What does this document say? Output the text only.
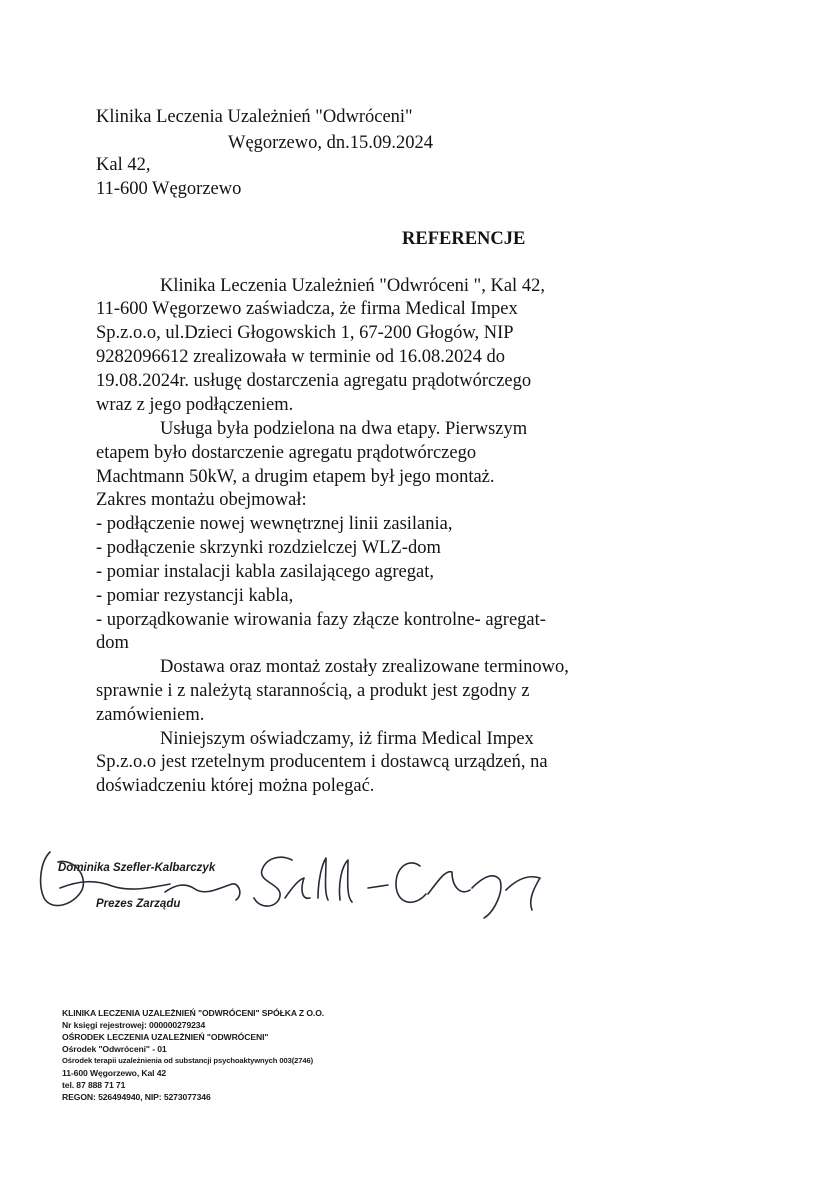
Klinika Leczenia Uzależnień "Odwróceni"
Węgorzewo, dn.15.09.2024
Kal 42,
11-600 Węgorzewo
REFERENCJE
Klinika Leczenia Uzależnień "Odwróceni ", Kal 42,
11-600 Węgorzewo zaświadcza, że firma Medical Impex
Sp.z.o.o, ul.Dzieci Głogowskich 1, 67-200 Głogów, NIP
9282096612 zrealizowała w terminie od 16.08.2024 do
19.08.2024r. usługę dostarczenia agregatu prądotwórczego
wraz z jego podłączeniem.
Usługa była podzielona na dwa etapy. Pierwszym
etapem było dostarczenie agregatu prądotwórczego
Machtmann 50kW, a drugim etapem był jego montaż.
Zakres montażu obejmował:
- podłączenie nowej wewnętrznej linii zasilania,
- podłączenie skrzynki rozdzielczej WLZ-dom
- pomiar instalacji kabla zasilającego agregat,
- pomiar rezystancji kabla,
- uporządkowanie wirowania fazy złącze kontrolne- agregat-
dom
Dostawa oraz montaż zostały zrealizowane terminowo,
sprawnie i z należytą starannością, a produkt jest zgodny z
zamówieniem.
Niniejszym oświadczamy, iż firma Medical Impex
Sp.z.o.o jest rzetelnym producentem i dostawcą urządzeń, na
doświadczeniu której można polegać.
Dominika Szefler-Kalbarczyk
Prezes Zarządu
KLINIKA LECZENIA UZALEŻNIEŃ "ODWRÓCENI" SPÓŁKA Z O.O.
Nr księgi rejestrowej: 000000279234
OŚRODEK LECZENIA UZALEŻNIEŃ "ODWRÓCENI"
Ośrodek "Odwróceni" - 01
Ośrodek terapii uzależnienia od substancji psychoaktywnych 003(2746)
11-600 Węgorzewo, Kal 42
tel. 87 888 71 71
REGON: 526494940, NIP: 5273077346
